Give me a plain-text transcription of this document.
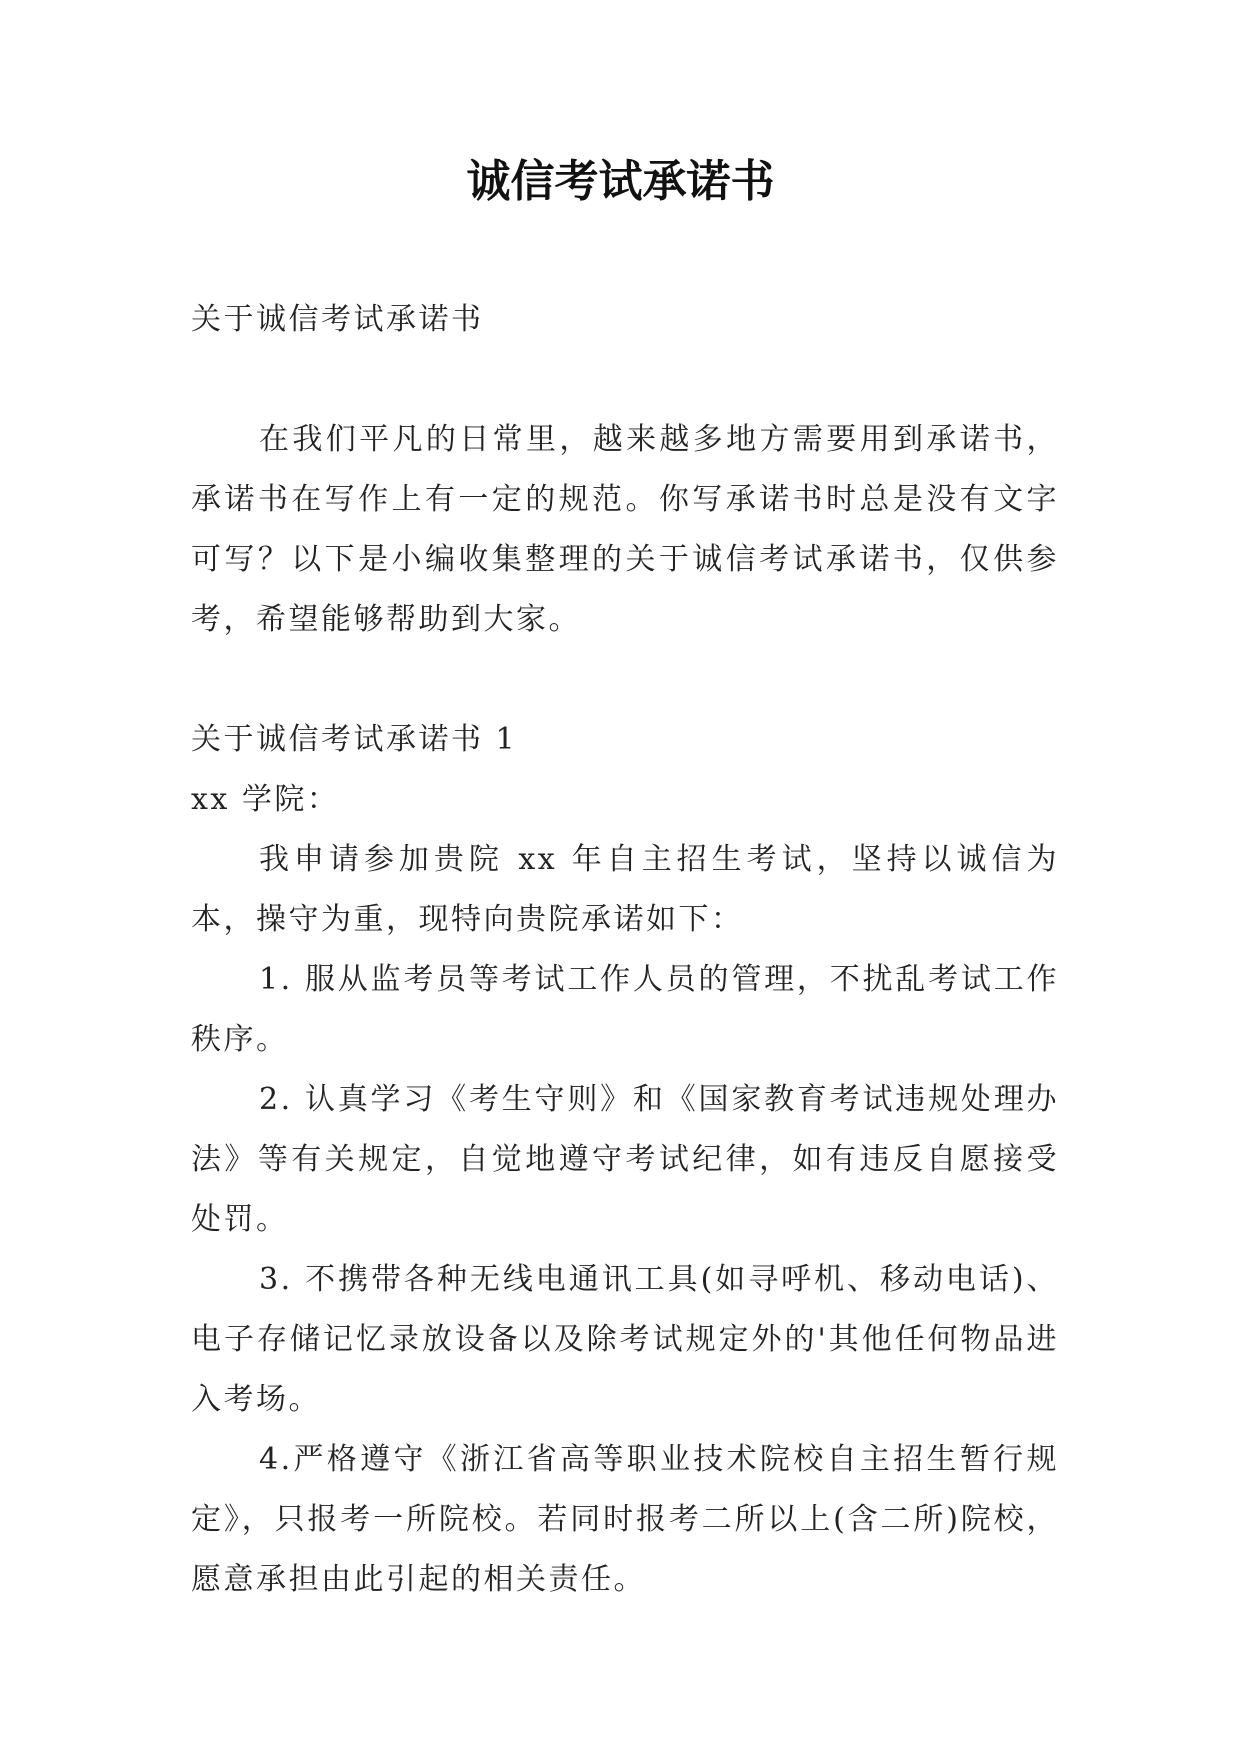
诚信考试承诺书

关于诚信考试承诺书

在我们平凡的日常里，越来越多地方需要用到承诺书，承诺书在写作上有一定的规范。你写承诺书时总是没有文字可写？以下是小编收集整理的关于诚信考试承诺书，仅供参考，希望能够帮助到大家。

关于诚信考试承诺书 1

xx 学院：

我申请参加贵院 xx 年自主招生考试，坚持以诚信为本，操守为重，现特向贵院承诺如下：

1. 服从监考员等考试工作人员的管理，不扰乱考试工作秩序。

2. 认真学习《考生守则》和《国家教育考试违规处理办法》等有关规定，自觉地遵守考试纪律，如有违反自愿接受处罚。

3. 不携带各种无线电通讯工具(如寻呼机、移动电话)、电子存储记忆录放设备以及除考试规定外的'其他任何物品进入考场。

4.严格遵守《浙江省高等职业技术院校自主招生暂行规定》，只报考一所院校。若同时报考二所以上(含二所)院校，愿意承担由此引起的相关责任。
